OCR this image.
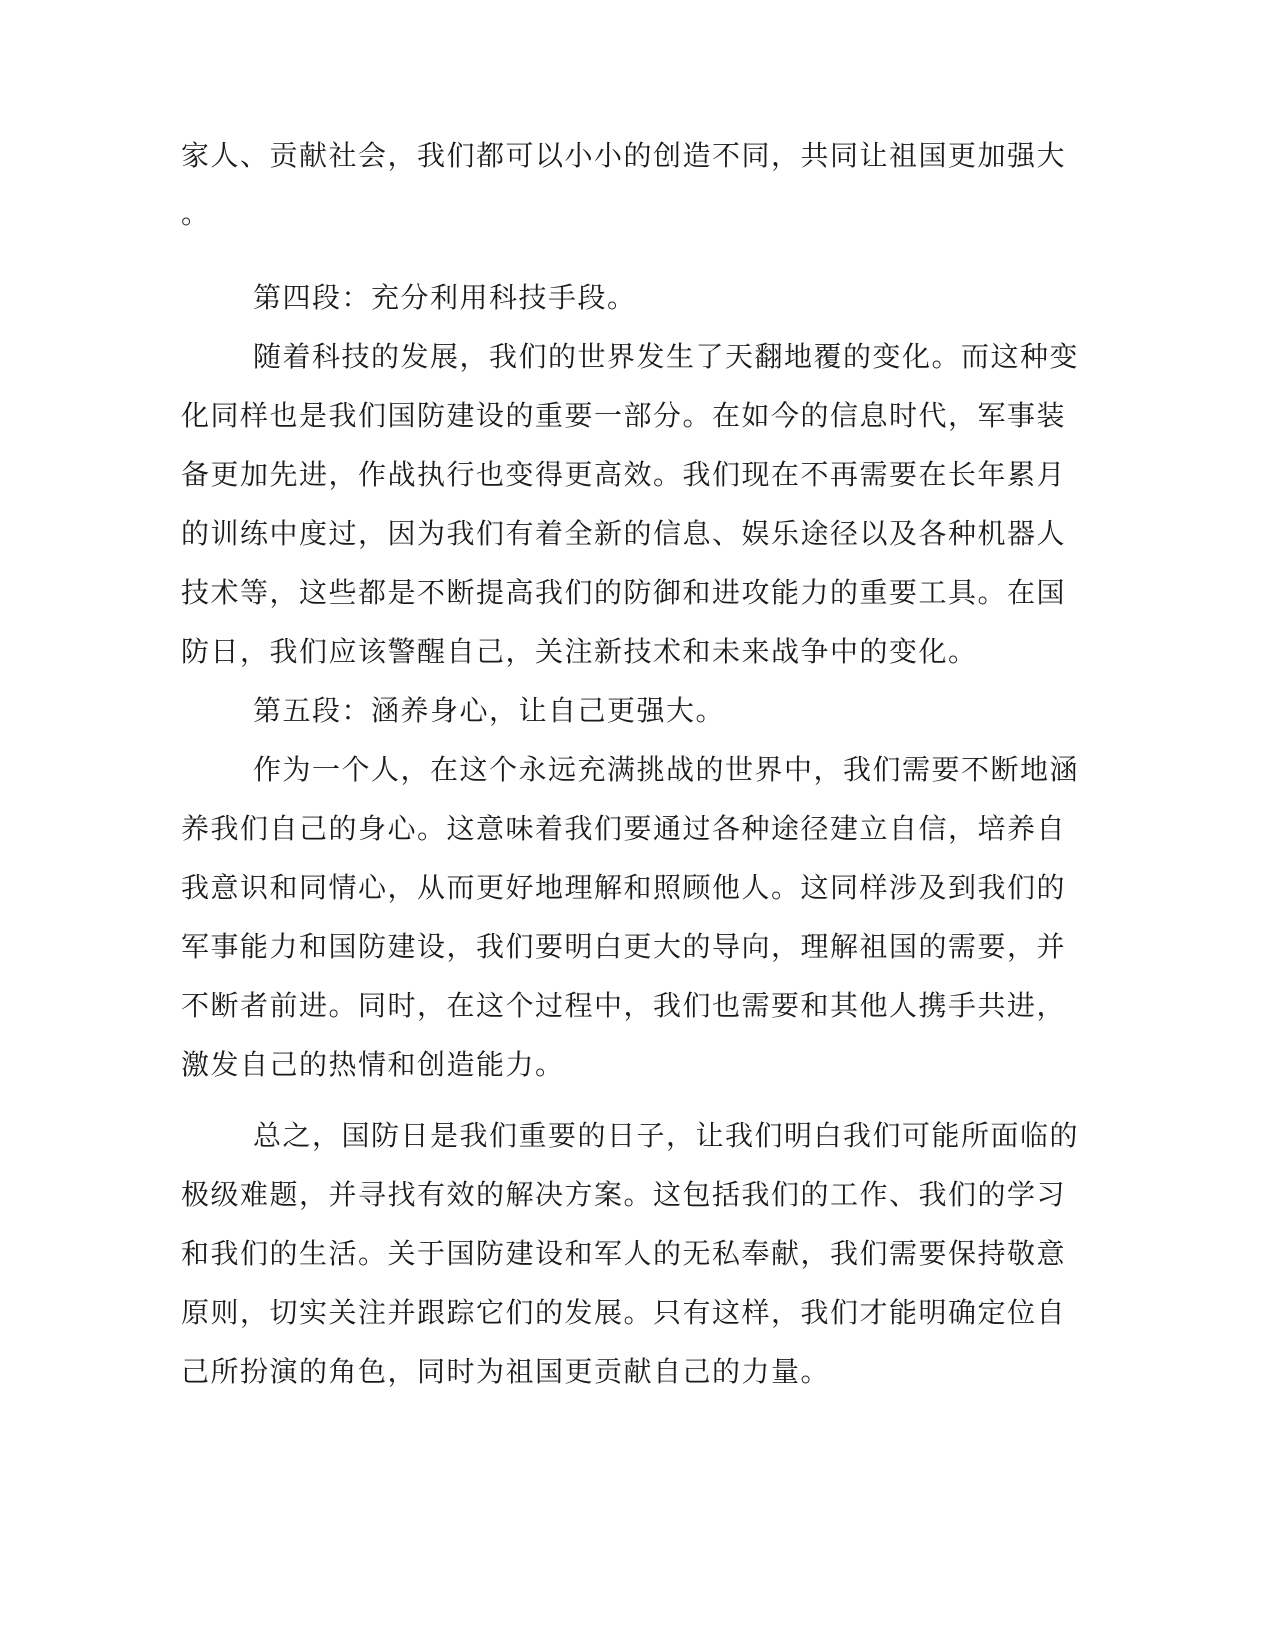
家人、贡献社会，我们都可以小小的创造不同，共同让祖国更加强大
。
第四段：充分利用科技手段。
随着科技的发展，我们的世界发生了天翻地覆的变化。而这种变
化同样也是我们国防建设的重要一部分。在如今的信息时代，军事装
备更加先进，作战执行也变得更高效。我们现在不再需要在长年累月
的训练中度过，因为我们有着全新的信息、娱乐途径以及各种机器人
技术等，这些都是不断提高我们的防御和进攻能力的重要工具。在国
防日，我们应该警醒自己，关注新技术和未来战争中的变化。
第五段：涵养身心，让自己更强大。
作为一个人，在这个永远充满挑战的世界中，我们需要不断地涵
养我们自己的身心。这意味着我们要通过各种途径建立自信，培养自
我意识和同情心，从而更好地理解和照顾他人。这同样涉及到我们的
军事能力和国防建设，我们要明白更大的导向，理解祖国的需要，并
不断者前进。同时，在这个过程中，我们也需要和其他人携手共进，
激发自己的热情和创造能力。
总之，国防日是我们重要的日子，让我们明白我们可能所面临的
极级难题，并寻找有效的解决方案。这包括我们的工作、我们的学习
和我们的生活。关于国防建设和军人的无私奉献，我们需要保持敬意
原则，切实关注并跟踪它们的发展。只有这样，我们才能明确定位自
己所扮演的角色，同时为祖国更贡献自己的力量。
